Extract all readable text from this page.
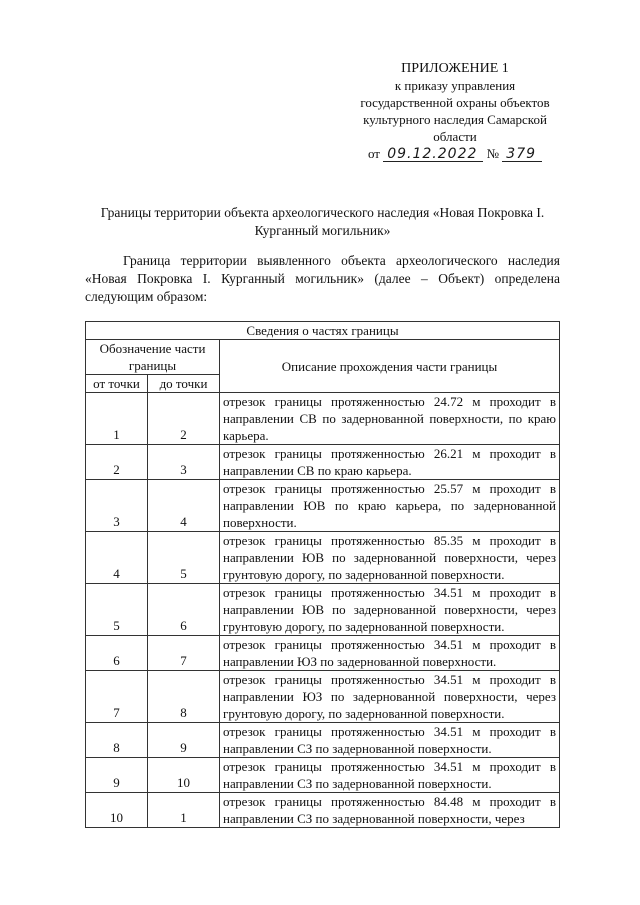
ПРИЛОЖЕНИЕ 1
к приказу управления
государственной охраны объектов
культурного наследия Самарской
области
от 09.12.2022 № 379
Границы территории объекта археологического наследия «Новая Покровка I.
Курганный могильник»
Граница территории выявленного объекта археологического наследия «Новая Покровка I. Курганный могильник» (далее – Объект) определена следующим образом:
Сведения о частях границы		
Обозначение части границы		Описание прохождения части границы
от точки	до точки	
1	2	отрезок границы протяженностью 24.72 м проходит в направлении СВ по задернованной поверхности, по краю карьера.
2	3	отрезок границы протяженностью 26.21 м проходит в направлении СВ по краю карьера.
3	4	отрезок границы протяженностью 25.57 м проходит в направлении ЮВ по краю карьера, по задернованной поверхности.
4	5	отрезок границы протяженностью 85.35 м проходит в направлении ЮВ по задернованной поверхности, через грунтовую дорогу, по задернованной поверхности.
5	6	отрезок границы протяженностью 34.51 м проходит в направлении ЮВ по задернованной поверхности, через грунтовую дорогу, по задернованной поверхности.
6	7	отрезок границы протяженностью 34.51 м проходит в направлении ЮЗ по задернованной поверхности.
7	8	отрезок границы протяженностью 34.51 м проходит в направлении ЮЗ по задернованной поверхности, через грунтовую дорогу, по задернованной поверхности.
8	9	отрезок границы протяженностью 34.51 м проходит в направлении СЗ по задернованной поверхности.
9	10	отрезок границы протяженностью 34.51 м проходит в направлении СЗ по задернованной поверхности.
10	1	отрезок границы протяженностью 84.48 м проходит в направлении СЗ по задернованной поверхности, через
